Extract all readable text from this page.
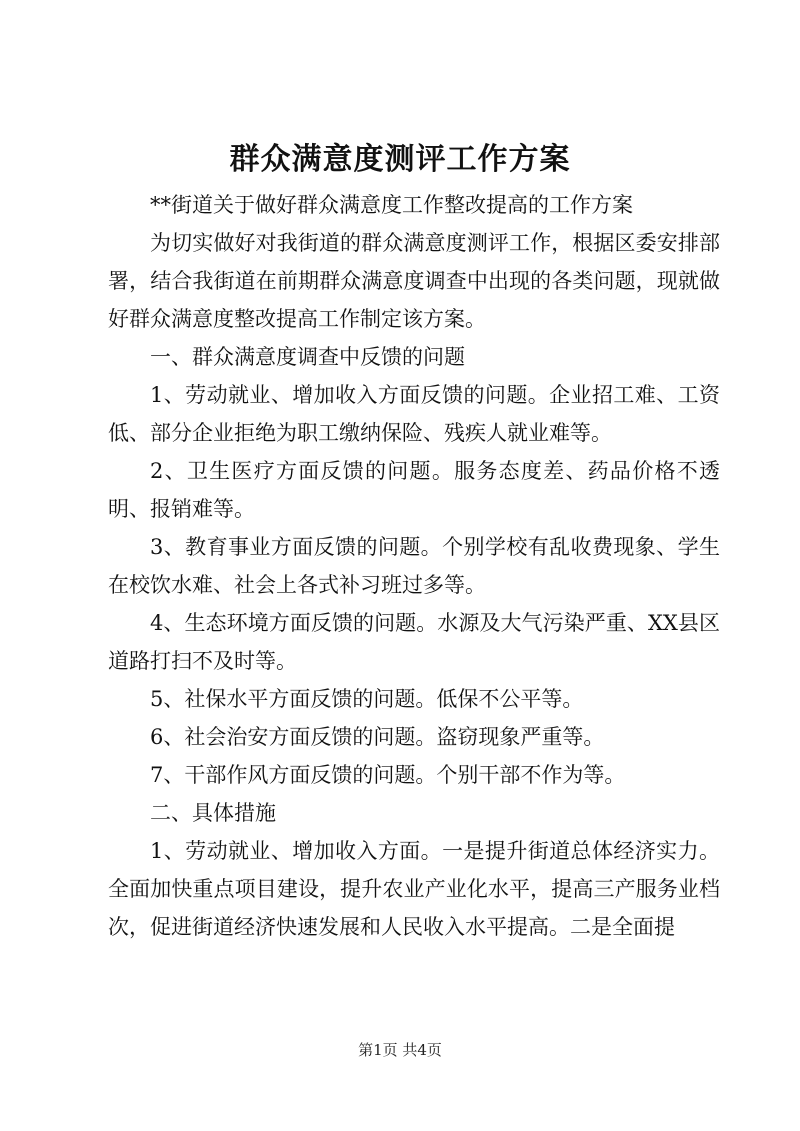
群众满意度测评工作方案

**街道关于做好群众满意度工作整改提高的工作方案

为切实做好对我街道的群众满意度测评工作，根据区委安排部署，结合我街道在前期群众满意度调查中出现的各类问题，现就做好群众满意度整改提高工作制定该方案。

一、群众满意度调查中反馈的问题

1、劳动就业、增加收入方面反馈的问题。企业招工难、工资低、部分企业拒绝为职工缴纳保险、残疾人就业难等。

2、卫生医疗方面反馈的问题。服务态度差、药品价格不透明、报销难等。

3、教育事业方面反馈的问题。个别学校有乱收费现象、学生在校饮水难、社会上各式补习班过多等。

4、生态环境方面反馈的问题。水源及大气污染严重、XX县区道路打扫不及时等。

5、社保水平方面反馈的问题。低保不公平等。

6、社会治安方面反馈的问题。盗窃现象严重等。

7、干部作风方面反馈的问题。个别干部不作为等。

二、具体措施

1、劳动就业、增加收入方面。一是提升街道总体经济实力。全面加快重点项目建设，提升农业产业化水平，提高三产服务业档次，促进街道经济快速发展和人民收入水平提高。二是全面提

第1页 共4页
